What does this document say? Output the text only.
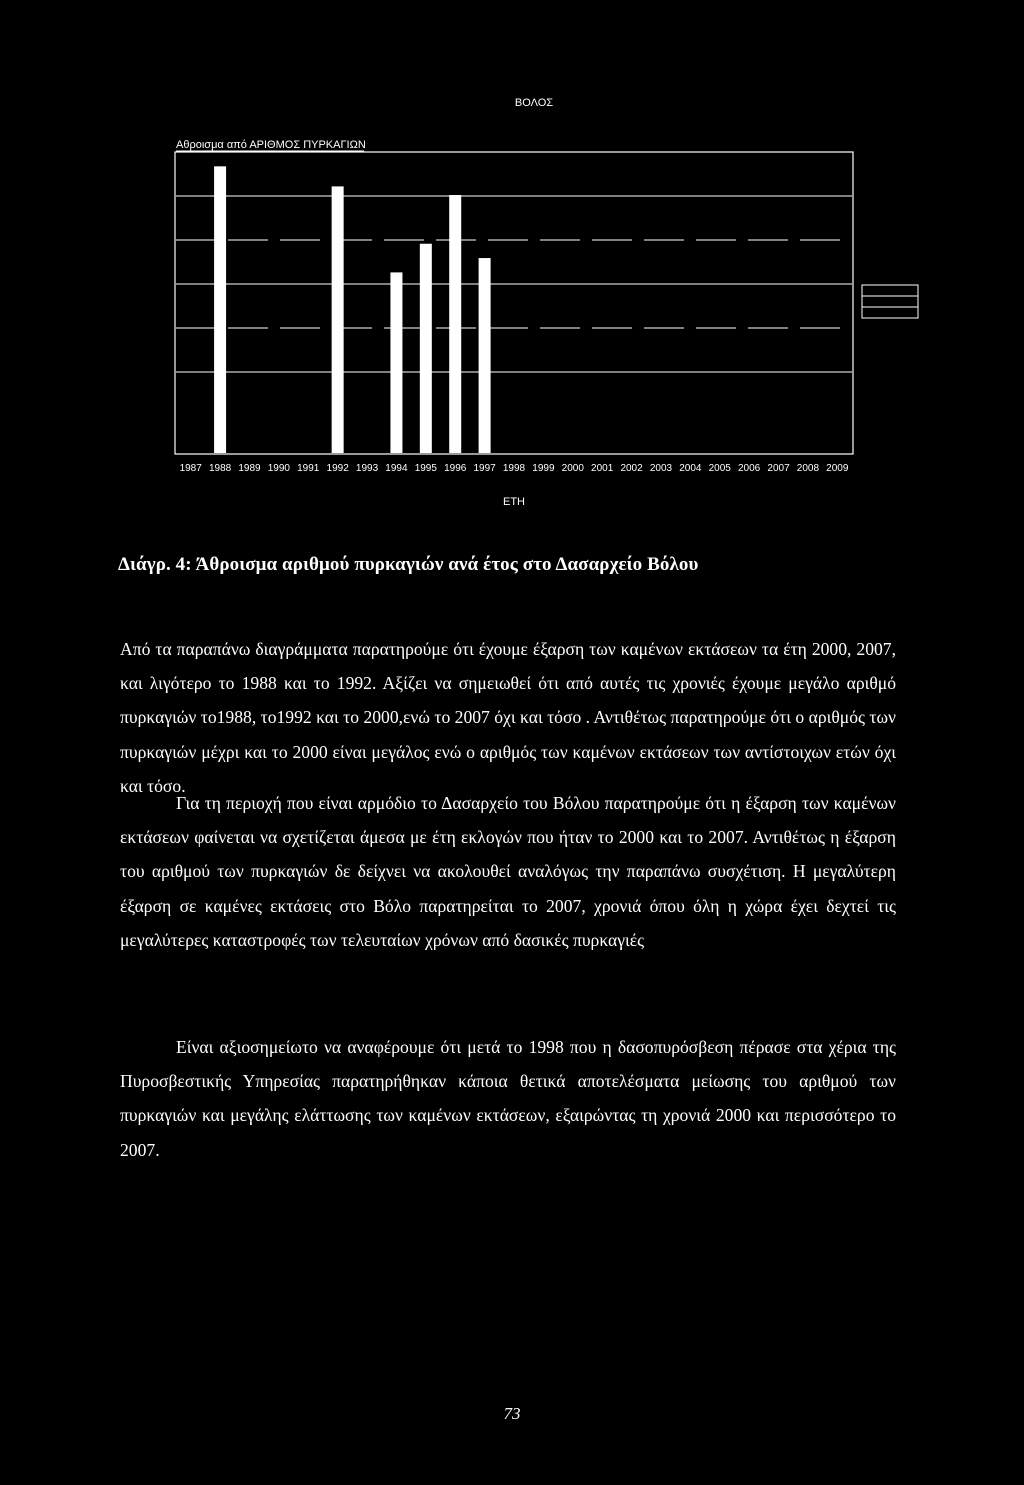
ΒΟΛΟΣ
Αθροισμα από ΑΡΙΘΜΟΣ ΠΥΡΚΑΓΙΩΝ
1987 1988 1989 1990 1991 1992 1993 1994 1995 1996 1997 1998 1999 2000 2001 2002 2003 2004 2005 2006 2007 2008 2009
ΕΤΗ
Διάγρ. 4: Άθροισμα αριθμού πυρκαγιών ανά έτος στο Δασαρχείο Βόλου

Από τα παραπάνω διαγράμματα παρατηρούμε ότι έχουμε έξαρση των καμένων εκτάσεων τα έτη 2000, 2007, και λιγότερο το 1988 και το 1992. Αξίζει να σημειωθεί ότι από αυτές τις χρονιές έχουμε μεγάλο αριθμό πυρκαγιών το1988, το1992 και το 2000,ενώ το 2007 όχι και τόσο . Αντιθέτως παρατηρούμε ότι ο αριθμός των πυρκαγιών μέχρι και το 2000 είναι μεγάλος ενώ ο αριθμός των καμένων εκτάσεων των αντίστοιχων ετών όχι και τόσο.

Για τη περιοχή που είναι αρμόδιο το Δασαρχείο του Βόλου παρατηρούμε ότι η έξαρση των καμένων εκτάσεων φαίνεται να σχετίζεται άμεσα με έτη εκλογών που ήταν το 2000 και το 2007. Αντιθέτως η έξαρση του αριθμού των πυρκαγιών δε δείχνει να ακολουθεί αναλόγως την παραπάνω συσχέτιση. Η μεγαλύτερη έξαρση σε καμένες εκτάσεις στο Βόλο παρατηρείται το 2007, χρονιά όπου όλη η χώρα έχει δεχτεί τις μεγαλύτερες καταστροφές των τελευταίων χρόνων από δασικές πυρκαγιές

Είναι αξιοσημείωτο να αναφέρουμε ότι μετά το 1998 που η δασοπυρόσβεση πέρασε στα χέρια της Πυροσβεστικής Υπηρεσίας παρατηρήθηκαν κάποια θετικά αποτελέσματα μείωσης του αριθμού των πυρκαγιών και μεγάλης ελάττωσης των καμένων εκτάσεων, εξαιρώντας τη χρονιά 2000 και περισσότερο το 2007.

73
